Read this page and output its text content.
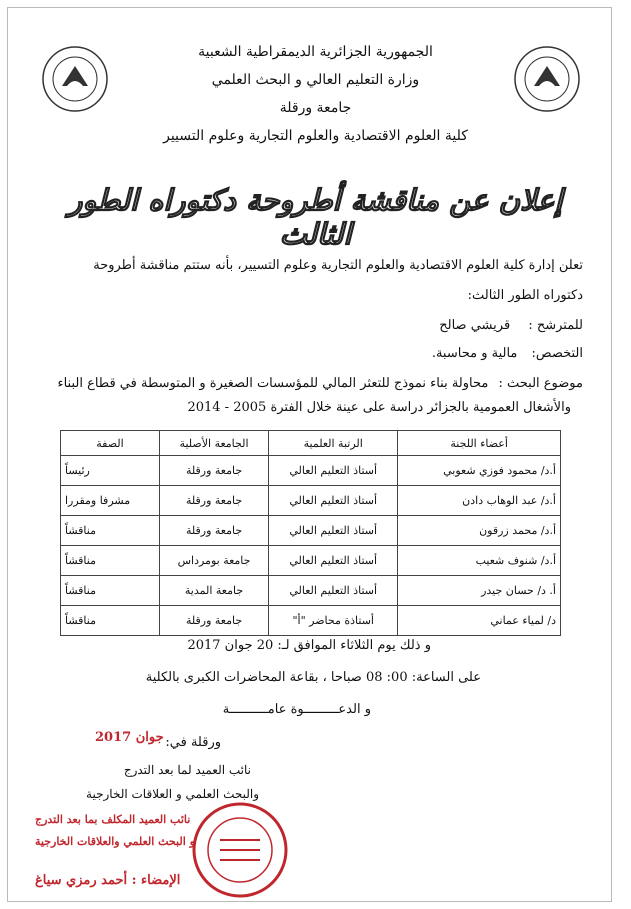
الجمهورية الجزائرية الديمقراطية الشعبية
وزارة التعليم العالي و البحث العلمي
جامعة ورقلة
كلية العلوم الاقتصادية والعلوم التجارية وعلوم التسيير
إعلان عن مناقشة أطروحة دكتوراه الطور الثالث
تعلن إدارة كلية العلوم الاقتصادية والعلوم التجارية وعلوم التسيير، بأنه ستتم مناقشة أطروحة
دكتوراه الطور الثالث:
للمترشح : قريشي صالح
التخصص: مالية و محاسبة.
موضوع البحث : محاولة بناء نموذج للتعثر المالي للمؤسسات الصغيرة و المتوسطة في قطاع البناء
والأشغال العمومية بالجزائر دراسة على عينة خلال الفترة 2005 - 2014
أعضاء اللجنة	الرتبة العلمية	الجامعة الأصلية	الصفة
أ.د/ محمود فوزي شعوبي	أستاذ التعليم العالي	جامعة ورقلة	رئيساً
أ.د/ عبد الوهاب دادن	أستاذ التعليم العالي	جامعة ورقلة	مشرفا ومقررا
أ.د/ محمد زرقون	أستاذ التعليم العالي	جامعة ورقلة	مناقشاً
أ.د/ شنوف شعيب	أستاذ التعليم العالي	جامعة بومرداس	مناقشاً
أ. د/ حسان جيدر	أستاذ التعليم العالي	جامعة المدية	مناقشاً
د/ لمياء عماني	أستاذة محاضر "أ"	جامعة ورقلة	مناقشاً
و ذلك يوم الثلاثاء الموافق لـ: 20 جوان 2017
على الساعة: 00: 08 صباحا ، بقاعة المحاضرات الكبرى بالكلية
و الدعـــــــــوة عامــــــــــة
ورقلة في:
جوان 2017
نائب العميد لما بعد التدرج
والبحث العلمي و العلاقات الخارجية
نائب العميد المكلف بما بعد التدرج
و البحث العلمي والعلاقات الخارجية
الإمضاء : أحمد رمزي سياغ
